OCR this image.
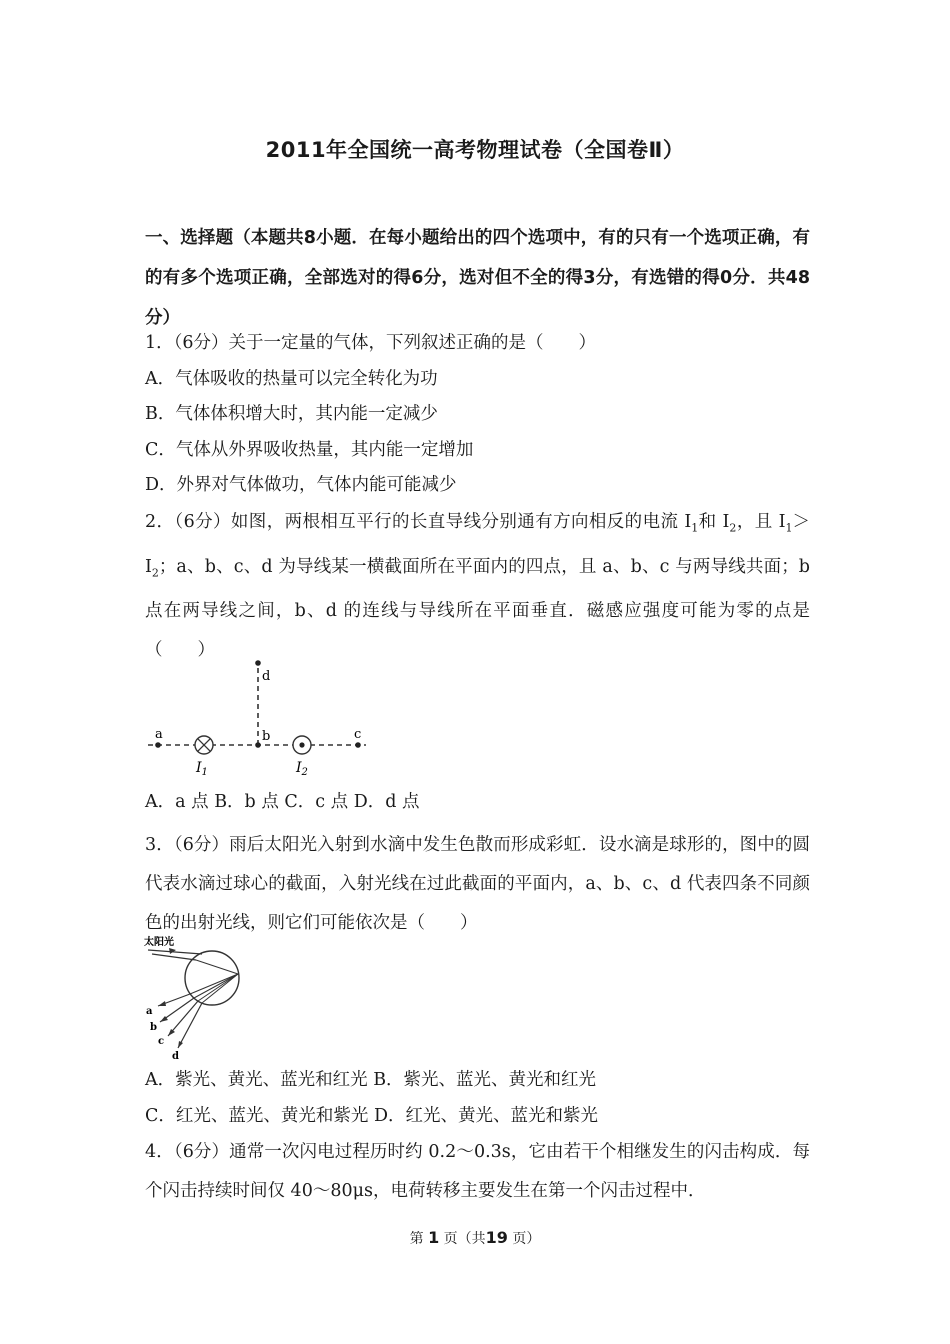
2011年全国统一高考物理试卷（全国卷Ⅱ）
一、选择题（本题共8小题．在每小题给出的四个选项中，有的只有一个选项正确，有的有多个选项正确，全部选对的得6分，选对但不全的得3分，有选错的得0分．共48分）
1．（6分）关于一定量的气体，下列叙述正确的是（　　）
A．气体吸收的热量可以完全转化为功
B．气体体积增大时，其内能一定减少
C．气体从外界吸收热量，其内能一定增加
D．外界对气体做功，气体内能可能减少
2．（6分）如图，两根相互平行的长直导线分别通有方向相反的电流 $I_1$和 $I_2$，且 $I_1>I_2$；a、b、c、d 为导线某一横截面所在平面内的四点，且 a、b、c 与两导线共面；b 点在两导线之间，b、d 的连线与导线所在平面垂直．磁感应强度可能为零的点是（　　）
a
$I_1$
b
$I_2$
c
d
A．a 点 B．b 点 C．c 点 D．d 点
3．（6分）雨后太阳光入射到水滴中发生色散而形成彩虹．设水滴是球形的，图中的圆代表水滴过球心的截面，入射光线在过此截面的平面内，a、b、c、d 代表四条不同颜色的出射光线，则它们可能依次是（　　）
太阳光
a
b
c
d
A．紫光、黄光、蓝光和红光 B．紫光、蓝光、黄光和红光
C．红光、蓝光、黄光和紫光 D．红光、黄光、蓝光和紫光
4．（6分）通常一次闪电过程历时约 0.2～0.3s，它由若干个相继发生的闪击构成．每个闪击持续时间仅 40～80μs，电荷转移主要发生在第一个闪击过程中．
第 1 页（共19 页）
